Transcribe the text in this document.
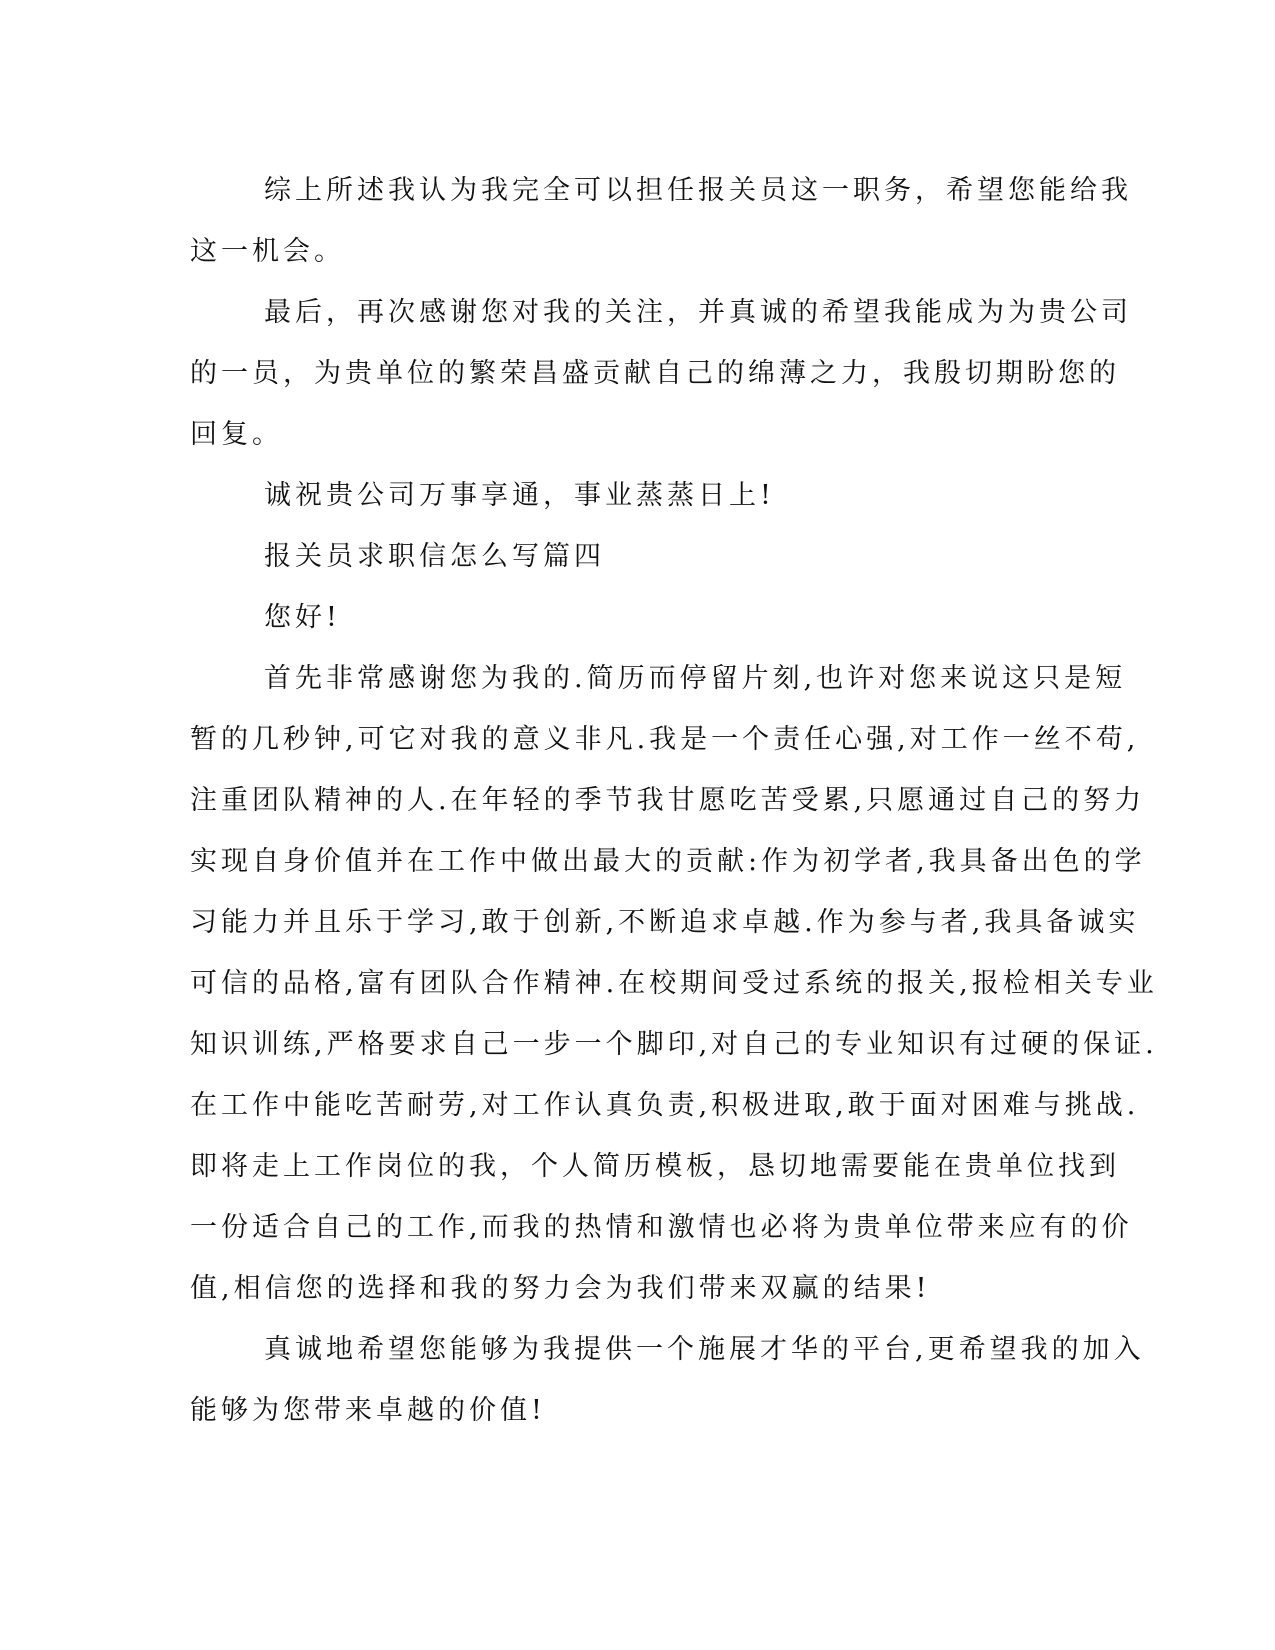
综上所述我认为我完全可以担任报关员这一职务，希望您能给我
这一机会。

最后，再次感谢您对我的关注，并真诚的希望我能成为为贵公司
的一员，为贵单位的繁荣昌盛贡献自己的绵薄之力，我殷切期盼您的
回复。

诚祝贵公司万事享通，事业蒸蒸日上!

报关员求职信怎么写篇四

您好!

首先非常感谢您为我的.简历而停留片刻,也许对您来说这只是短
暂的几秒钟,可它对我的意义非凡.我是一个责任心强,对工作一丝不苟,
注重团队精神的人.在年轻的季节我甘愿吃苦受累,只愿通过自己的努力
实现自身价值并在工作中做出最大的贡献:作为初学者,我具备出色的学
习能力并且乐于学习,敢于创新,不断追求卓越.作为参与者,我具备诚实
可信的品格,富有团队合作精神.在校期间受过系统的报关,报检相关专业
知识训练,严格要求自己一步一个脚印,对自己的专业知识有过硬的保证.
在工作中能吃苦耐劳,对工作认真负责,积极进取,敢于面对困难与挑战.
即将走上工作岗位的我，个人简历模板，恳切地需要能在贵单位找到
一份适合自己的工作,而我的热情和激情也必将为贵单位带来应有的价
值,相信您的选择和我的努力会为我们带来双赢的结果!

真诚地希望您能够为我提供一个施展才华的平台,更希望我的加入
能够为您带来卓越的价值!
